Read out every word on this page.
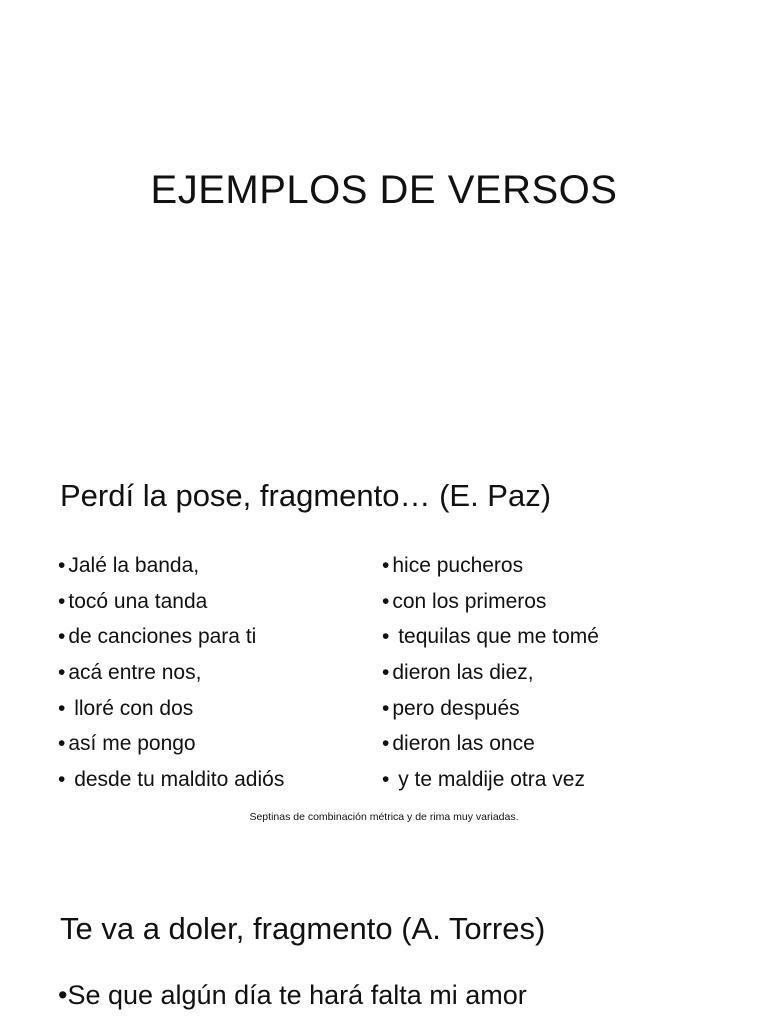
EJEMPLOS DE VERSOS
Perdí la pose, fragmento… (E. Paz)
• Jalé la banda,
• tocó una tanda
• de canciones para ti
• acá entre nos,
• lloré con dos
• así me pongo
• desde tu maldito adiós
• hice pucheros
• con los primeros
• tequilas que me tomé
• dieron las diez,
• pero después
• dieron las once
• y te maldije otra vez

Septinas de combinación métrica y de rima muy variadas.

Te va a doler, fragmento (A. Torres)

•Se que algún día te hará falta mi amor
